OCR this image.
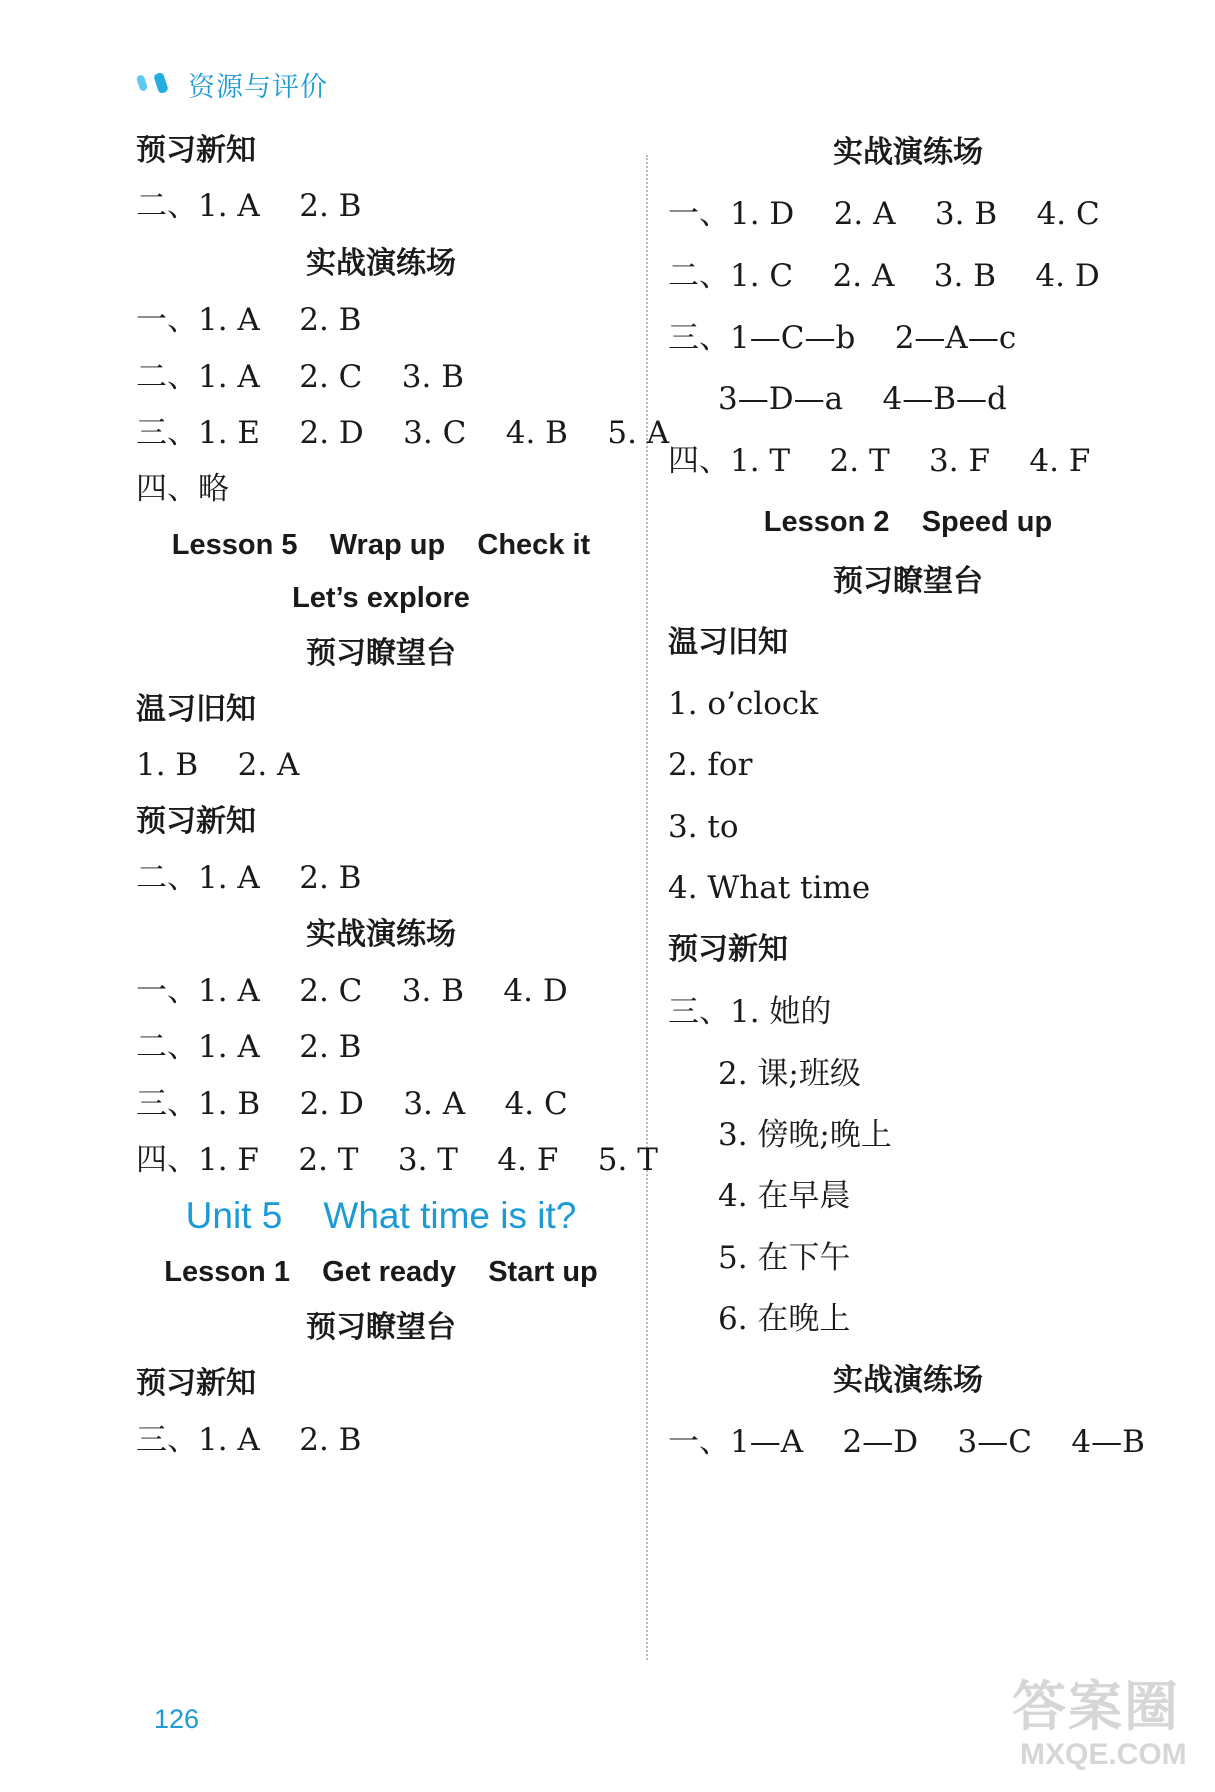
资源与评价
预习新知
二、1. A    2. B
实战演练场
一、1. A    2. B
二、1. A    2. C    3. B
三、1. E    2. D    3. C    4. B    5. A
四、略
Lesson 5    Wrap up    Check it
Let’s explore
预习瞭望台
温习旧知
1. B    2. A
预习新知
二、1. A    2. B
实战演练场
一、1. A    2. C    3. B    4. D
二、1. A    2. B
三、1. B    2. D    3. A    4. C
四、1. F    2. T    3. T    4. F    5. T
Unit 5    What time is it?
Lesson 1    Get ready    Start up
预习瞭望台
预习新知
三、1. A    2. B
实战演练场
一、1. D    2. A    3. B    4. C
二、1. C    2. A    3. B    4. D
三、1—C—b    2—A—c
3—D—a    4—B—d
四、1. T    2. T    3. F    4. F
Lesson 2    Speed up
预习瞭望台
温习旧知
1. o’clock
2. for
3. to
4. What time
预习新知
三、1. 她的
2. 课;班级
3. 傍晚;晚上
4. 在早晨
5. 在下午
6. 在晚上
实战演练场
一、1—A    2—D    3—C    4—B
126	答案圈
MXQE.COM
